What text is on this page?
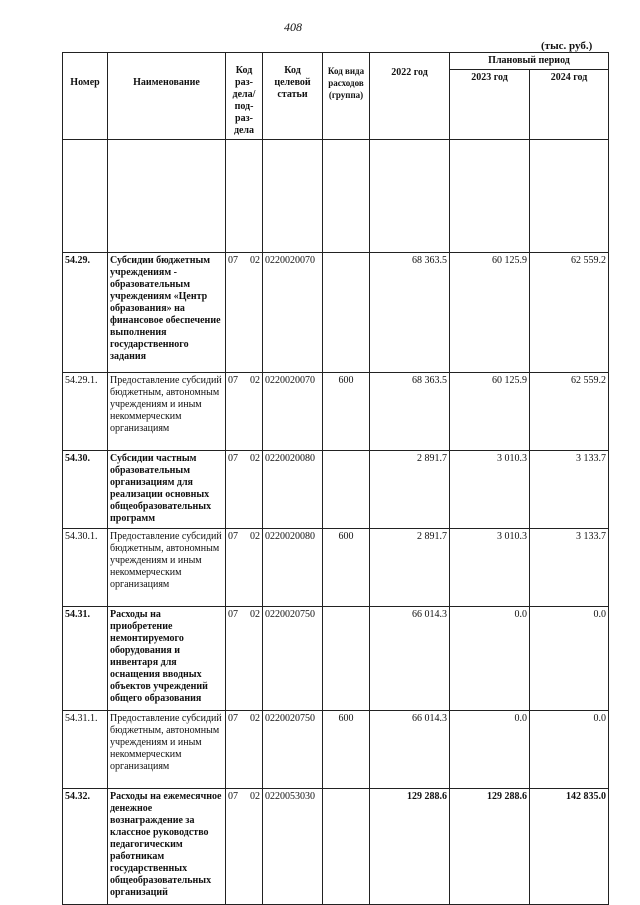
408
(тыс. руб.)
Номер	Наименование	Код раз- дела/ под- раз- дела	Код целевой статьи	Код вида расходов (группа)	2022 год	Плановый период	
						2023 год	2024 год

54.29.	Субсидии бюджетным учреждениям - образовательным учреждениям «Центр образования» на финансовое обеспечение выполнения государственного задания	07 02	0220020070		68 363.5	60 125.9	62 559.2
54.29.1.	Предоставление субсидий бюджетным, автономным учреждениям и иным некоммерческим организациям	07 02	0220020070	600	68 363.5	60 125.9	62 559.2
54.30.	Субсидии частным образовательным организациям для реализации основных общеобразовательных программ	07 02	0220020080		2 891.7	3 010.3	3 133.7
54.30.1.	Предоставление субсидий бюджетным, автономным учреждениям и иным некоммерческим организациям	07 02	0220020080	600	2 891.7	3 010.3	3 133.7
54.31.	Расходы на приобретение немонтируемого оборудования и инвентаря для оснащения вводных объектов учреждений общего образования	07 02	0220020750		66 014.3	0.0	0.0
54.31.1.	Предоставление субсидий бюджетным, автономным учреждениям и иным некоммерческим организациям	07 02	0220020750	600	66 014.3	0.0	0.0
54.32.	Расходы на ежемесячное денежное вознаграждение за классное руководство педагогическим работникам государственных общеобразовательных организаций	07 02	0220053030		129 288.6	129 288.6	142 835.0
